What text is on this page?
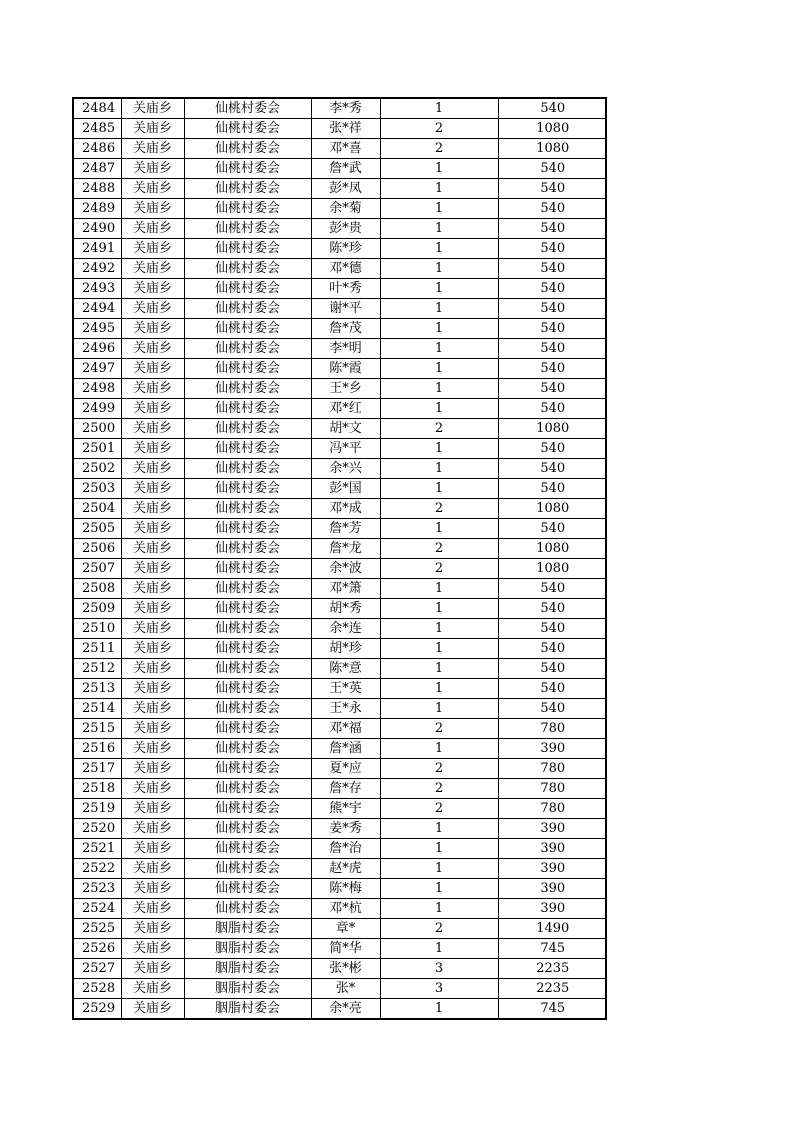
2484	关庙乡	仙桃村委会	李*秀	1	540
2485	关庙乡	仙桃村委会	张*祥	2	1080
2486	关庙乡	仙桃村委会	邓*喜	2	1080
2487	关庙乡	仙桃村委会	詹*武	1	540
2488	关庙乡	仙桃村委会	彭*凤	1	540
2489	关庙乡	仙桃村委会	余*菊	1	540
2490	关庙乡	仙桃村委会	彭*贵	1	540
2491	关庙乡	仙桃村委会	陈*珍	1	540
2492	关庙乡	仙桃村委会	邓*德	1	540
2493	关庙乡	仙桃村委会	叶*秀	1	540
2494	关庙乡	仙桃村委会	谢*平	1	540
2495	关庙乡	仙桃村委会	詹*茂	1	540
2496	关庙乡	仙桃村委会	李*明	1	540
2497	关庙乡	仙桃村委会	陈*霞	1	540
2498	关庙乡	仙桃村委会	王*乡	1	540
2499	关庙乡	仙桃村委会	邓*红	1	540
2500	关庙乡	仙桃村委会	胡*文	2	1080
2501	关庙乡	仙桃村委会	冯*平	1	540
2502	关庙乡	仙桃村委会	余*兴	1	540
2503	关庙乡	仙桃村委会	彭*国	1	540
2504	关庙乡	仙桃村委会	邓*成	2	1080
2505	关庙乡	仙桃村委会	詹*芳	1	540
2506	关庙乡	仙桃村委会	詹*龙	2	1080
2507	关庙乡	仙桃村委会	余*波	2	1080
2508	关庙乡	仙桃村委会	邓*箫	1	540
2509	关庙乡	仙桃村委会	胡*秀	1	540
2510	关庙乡	仙桃村委会	余*连	1	540
2511	关庙乡	仙桃村委会	胡*珍	1	540
2512	关庙乡	仙桃村委会	陈*意	1	540
2513	关庙乡	仙桃村委会	王*英	1	540
2514	关庙乡	仙桃村委会	王*永	1	540
2515	关庙乡	仙桃村委会	邓*福	2	780
2516	关庙乡	仙桃村委会	詹*涵	1	390
2517	关庙乡	仙桃村委会	夏*应	2	780
2518	关庙乡	仙桃村委会	詹*存	2	780
2519	关庙乡	仙桃村委会	熊*宇	2	780
2520	关庙乡	仙桃村委会	姜*秀	1	390
2521	关庙乡	仙桃村委会	詹*治	1	390
2522	关庙乡	仙桃村委会	赵*虎	1	390
2523	关庙乡	仙桃村委会	陈*梅	1	390
2524	关庙乡	仙桃村委会	邓*杭	1	390
2525	关庙乡	胭脂村委会	章*	2	1490
2526	关庙乡	胭脂村委会	简*华	1	745
2527	关庙乡	胭脂村委会	张*彬	3	2235
2528	关庙乡	胭脂村委会	张*	3	2235
2529	关庙乡	胭脂村委会	余*亮	1	745
